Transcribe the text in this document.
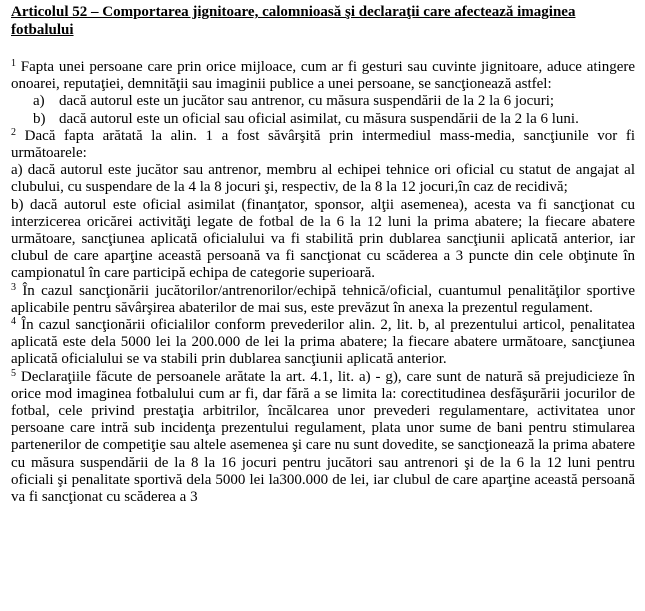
Articolul 52 – Comportarea jignitoare, calomnioasă şi declaraţii care afectează imaginea fotbalului

$^1$ Fapta unei persoane care prin orice mijloace, cum ar fi gesturi sau cuvinte jignitoare, aduce atingere onoarei, reputaţiei, demnităţii sau imaginii publice a unei persoane, se sancţionează astfel:

a) dacă autorul este un jucător sau antrenor, cu măsura suspendării de la 2 la 6 jocuri;
b) dacă autorul este un oficial sau oficial asimilat, cu măsura suspendării de la 2 la 6 luni.

$^2$ Dacă fapta arătată la alin. 1 a fost săvârşită prin intermediul mass-media, sancţiunile vor fi următoarele:

a) dacă autorul este jucător sau antrenor, membru al echipei tehnice ori oficial cu statut de angajat al clubului, cu suspendare de la 4 la 8 jocuri şi, respectiv, de la 8 la 12 jocuri,în caz de recidivă;

b) dacă autorul este oficial asimilat (finanţator, sponsor, alţii asemenea), acesta va fi sancţionat cu interzicerea oricărei activităţi legate de fotbal de la 6 la 12 luni la prima abatere; la fiecare abatere următoare, sancţiunea aplicată oficialului va fi stabilită prin dublarea sancţiunii aplicată anterior, iar clubul de care aparţine această persoană va fi sancţionat cu scăderea a 3 puncte din cele obţinute în campionatul în care participă echipa de categorie superioară.

$^3$ În cazul sancţionării jucătorilor/antrenorilor/echipă tehnică/oficial, cuantumul penalităţilor sportive aplicabile pentru săvârşirea abaterilor de mai sus, este prevăzut în anexa la prezentul regulament.

$^4$ În cazul sancţionării oficialilor conform prevederilor alin. 2, lit. b, al prezentului articol, penalitatea aplicată este dela 5000 lei la 200.000 de lei la prima abatere; la fiecare abatere următoare, sancţiunea aplicată oficialului se va stabili prin dublarea sancţiunii aplicată anterior.

$^5$ Declaraţiile făcute de persoanele arătate la art. 4.1, lit. a) - g), care sunt de natură să prejudicieze în orice mod imaginea fotbalului cum ar fi, dar fără a se limita la: corectitudinea desfăşurării jocurilor de fotbal, cele privind prestaţia arbitrilor, încălcarea unor prevederi regulamentare, activitatea unor persoane care intră sub incidenţa prezentului regulament, plata unor sume de bani pentru stimularea partenerilor de competiţie sau altele asemenea şi care nu sunt dovedite, se sancţionează la prima abatere cu măsura suspendării de la 8 la 16 jocuri pentru jucători sau antrenori şi de la 6 la 12 luni pentru oficiali şi penalitate sportivă dela 5000 lei la300.000 de lei, iar clubul de care aparţine această persoană va fi sancţionat cu scăderea a 3
